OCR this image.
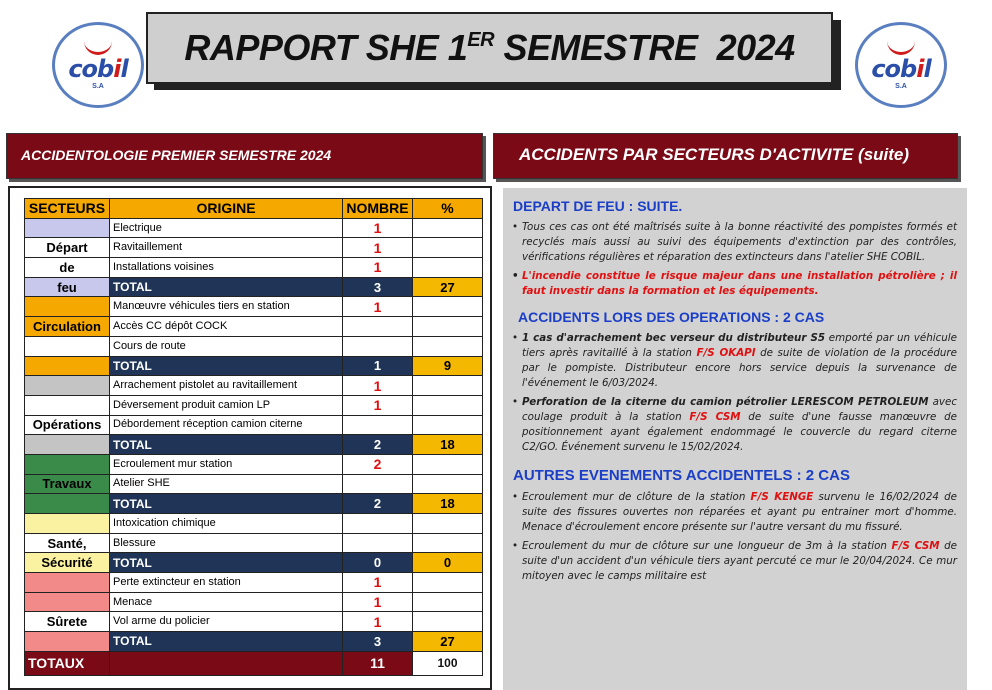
cobil
S.A
RAPPORT SHE 1ER SEMESTRE  2024
cobil
S.A
ACCIDENTOLOGIE PREMIER SEMESTRE 2024	ACCIDENTS PAR SECTEURS D'ACTIVITE (suite)
SECTEURS	ORIGINE	NOMBRE	%
	Electrique	1	
Départ	Ravitaillement	1	
de	Installations voisines	1	
feu	TOTAL	3	27
	Manœuvre véhicules tiers en station	1	
Circulation	Accès CC dépôt COCK		
	Cours de route		
	TOTAL	1	9
	Arrachement pistolet au ravitaillement	1	
	Déversement produit camion LP	1	
Opérations	Débordement réception camion citerne		
	TOTAL	2	18
	Ecroulement mur station	2	
Travaux	Atelier SHE		
	TOTAL	2	18
	Intoxication chimique		
Santé,	Blessure		
Sécurité	TOTAL	0	0
	Perte extincteur en station	1	
	Menace	1	
Sûrete	Vol arme du policier	1	
	TOTAL	3	27
TOTAUX		11	100
DEPART DE FEU : SUITE.
• Tous ces cas ont été maîtrisés suite à la bonne réactivité des pompistes formés et recyclés mais aussi au suivi des équipements d'extinction par des contrôles, vérifications régulières et réparation des extincteurs dans l'atelier SHE COBIL.
• L'incendie constitue le risque majeur dans une installation pétrolière ; il faut investir dans la formation et les équipements.
ACCIDENTS LORS DES OPERATIONS : 2 CAS
• 1 cas d'arrachement bec verseur du distributeur S5 emporté par un véhicule tiers après ravitaillé à la station F/S OKAPI de suite de violation de la procédure par le pompiste. Distributeur encore hors service depuis la survenance de l'événement le 6/03/2024.
• Perforation de la citerne du camion pétrolier LERESCOM PETROLEUM avec coulage produit à la station F/S CSM de suite d'une fausse manœuvre de positionnement ayant également endommagé le couvercle du regard citerne C2/GO. Événement survenu le 15/02/2024.
AUTRES EVENEMENTS ACCIDENTELS : 2 CAS
• Ecroulement mur de clôture de la station F/S KENGE survenu le 16/02/2024 de suite des fissures ouvertes non réparées et ayant pu entrainer mort d'homme. Menace d'écroulement encore présente sur l'autre versant du mu fissuré.
• Ecroulement du mur de clôture sur une longueur de 3m à la station F/S CSM de suite d'un accident d'un véhicule tiers ayant percuté ce mur le 20/04/2024. Ce mur mitoyen avec le camps militaire est
